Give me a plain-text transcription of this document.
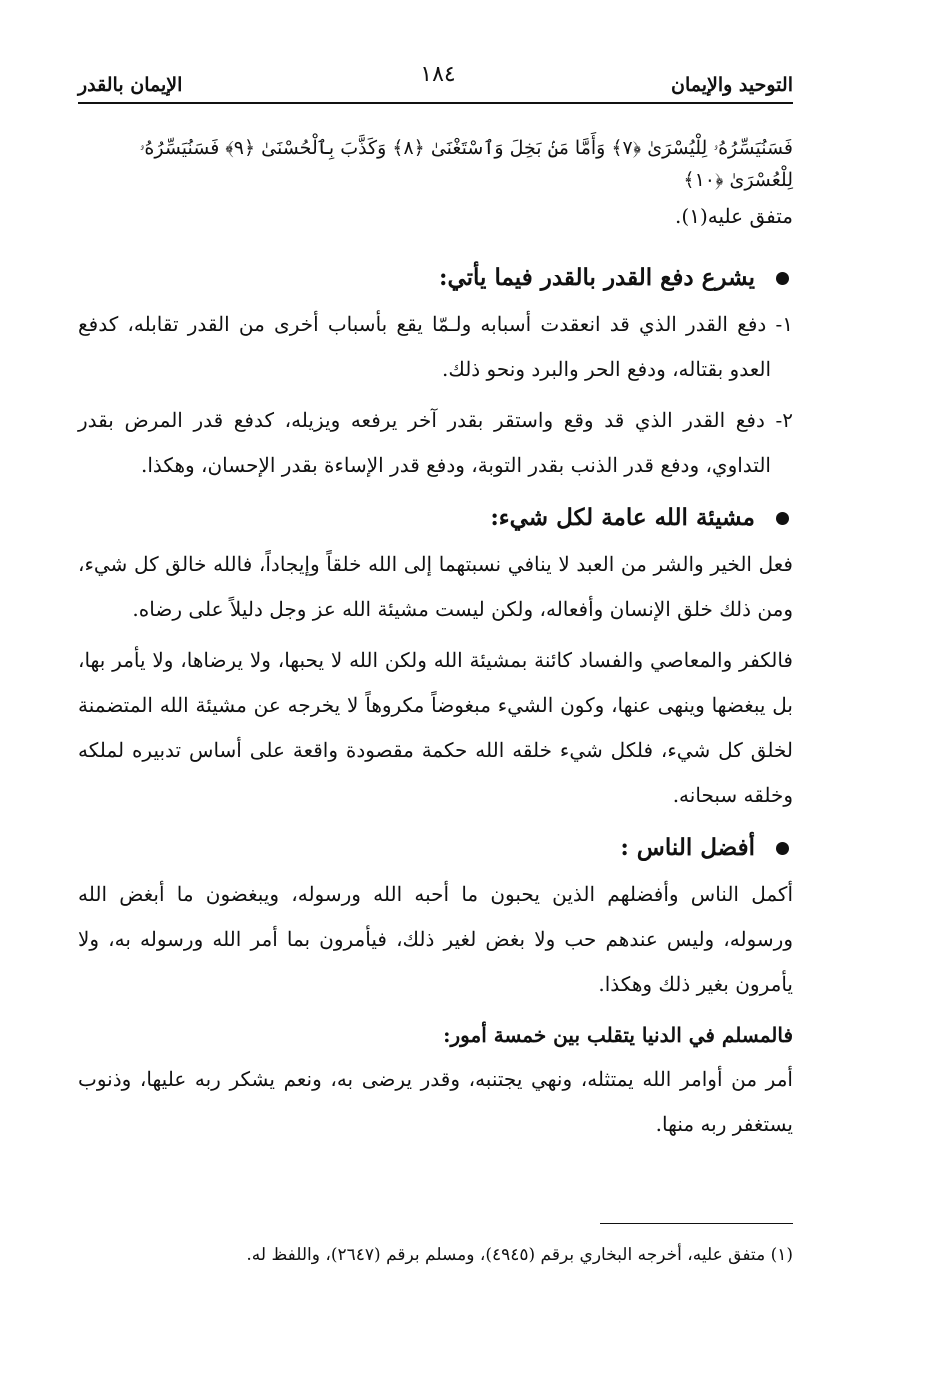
التوحيد والإيمان
١٨٤
الإيمان بالقدر

فَسَنُيَسِّرُهُۥ لِلْيُسْرَىٰ ﴿٧﴾ وَأَمَّا مَنۢ بَخِلَ وَٱسْتَغْنَىٰ ﴿٨﴾ وَكَذَّبَ بِٱلْحُسْنَىٰ ﴿٩﴾ فَسَنُيَسِّرُهُۥ لِلْعُسْرَىٰ ﴿١٠﴾

متفق عليه(١).

يشرع دفع القدر بالقدر فيما يأتي:

١- دفع القدر الذي قد انعقدت أسبابه ولـمّا يقع بأسباب أخرى من القدر تقابله، كدفع العدو بقتاله، ودفع الحر والبرد ونحو ذلك.

٢- دفع القدر الذي قد وقع واستقر بقدر آخر يرفعه ويزيله، كدفع قدر المرض بقدر التداوي، ودفع قدر الذنب بقدر التوبة، ودفع قدر الإساءة بقدر الإحسان، وهكذا.

مشيئة الله عامة لكل شيء:

فعل الخير والشر من العبد لا ينافي نسبتهما إلى الله خلقاً وإيجاداً، فالله خالق كل شيء، ومن ذلك خلق الإنسان وأفعاله، ولكن ليست مشيئة الله عز وجل دليلاً على رضاه.

فالكفر والمعاصي والفساد كائنة بمشيئة الله ولكن الله لا يحبها، ولا يرضاها، ولا يأمر بها، بل يبغضها وينهى عنها، وكون الشيء مبغوضاً مكروهاً لا يخرجه عن مشيئة الله المتضمنة لخلق كل شيء، فلكل شيء خلقه الله حكمة مقصودة واقعة على أساس تدبيره لملكه وخلقه سبحانه.

أفضل الناس :

أكمل الناس وأفضلهم الذين يحبون ما أحبه الله ورسوله، ويبغضون ما أبغض الله ورسوله، وليس عندهم حب ولا بغض لغير ذلك، فيأمرون بما أمر الله ورسوله به، ولا يأمرون بغير ذلك وهكذا.

فالمسلم في الدنيا يتقلب بين خمسة أمور:

أمر من أوامر الله يمتثله، ونهي يجتنبه، وقدر يرضى به، ونعم يشكر ربه عليها، وذنوب يستغفر ربه منها.

(١) متفق عليه، أخرجه البخاري برقم (٤٩٤٥)، ومسلم برقم (٢٦٤٧)، واللفظ له.
